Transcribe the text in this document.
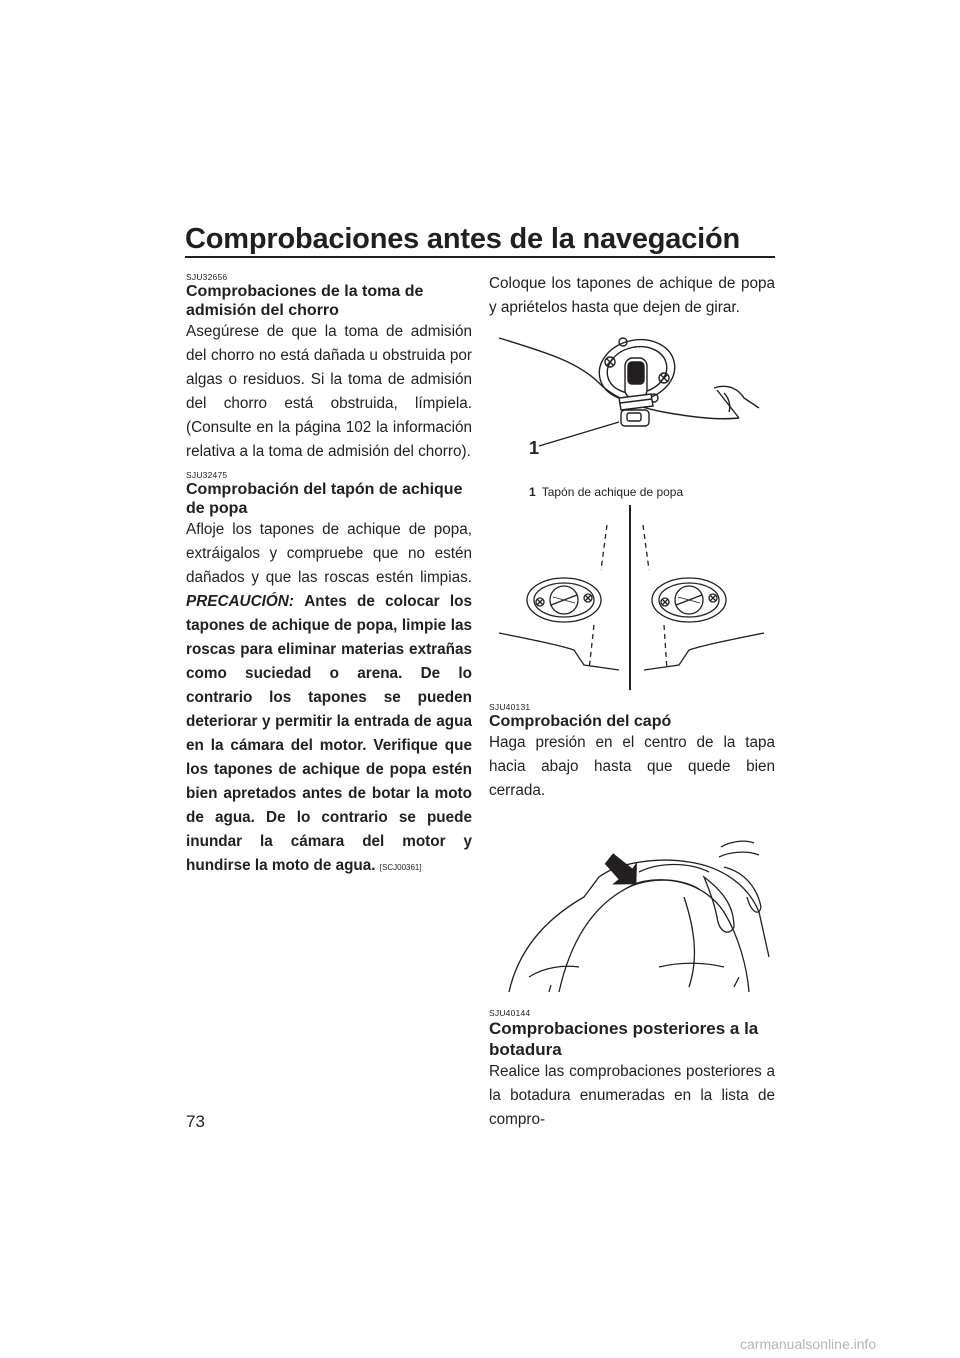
Comprobaciones antes de la navegación
SJU32656
Comprobaciones de la toma de admisión del chorro

Asegúrese de que la toma de admisión del chorro no está dañada u obstruida por algas o residuos. Si la toma de admisión del chorro está obstruida, límpiela. (Consulte en la página 102 la información relativa a la toma de admisión del chorro).

SJU32475
Comprobación del tapón de achique de popa

Afloje los tapones de achique de popa, extráigalos y compruebe que no estén dañados y que las roscas estén limpias. PRECAUCIÓN: Antes de colocar los tapones de achique de popa, limpie las roscas para eliminar materias extrañas como suciedad o arena. De lo contrario los tapones se pueden deteriorar y permitir la entrada de agua en la cámara del motor. Verifique que los tapones de achique de popa estén bien apretados antes de botar la moto de agua. De lo contrario se puede inundar la cámara del motor y hundirse la moto de agua. [SCJ00361]

Coloque los tapones de achique de popa y apriételos hasta que dejen de girar.

1
1 Tapón de achique de popa
SJU40131
Comprobación del capó

Haga presión en el centro de la tapa hacia abajo hasta que quede bien cerrada.

SJU40144
Comprobaciones posteriores a la botadura

Realice las comprobaciones posteriores a la botadura enumeradas en la lista de compro-

73
carmanualsonline.info
